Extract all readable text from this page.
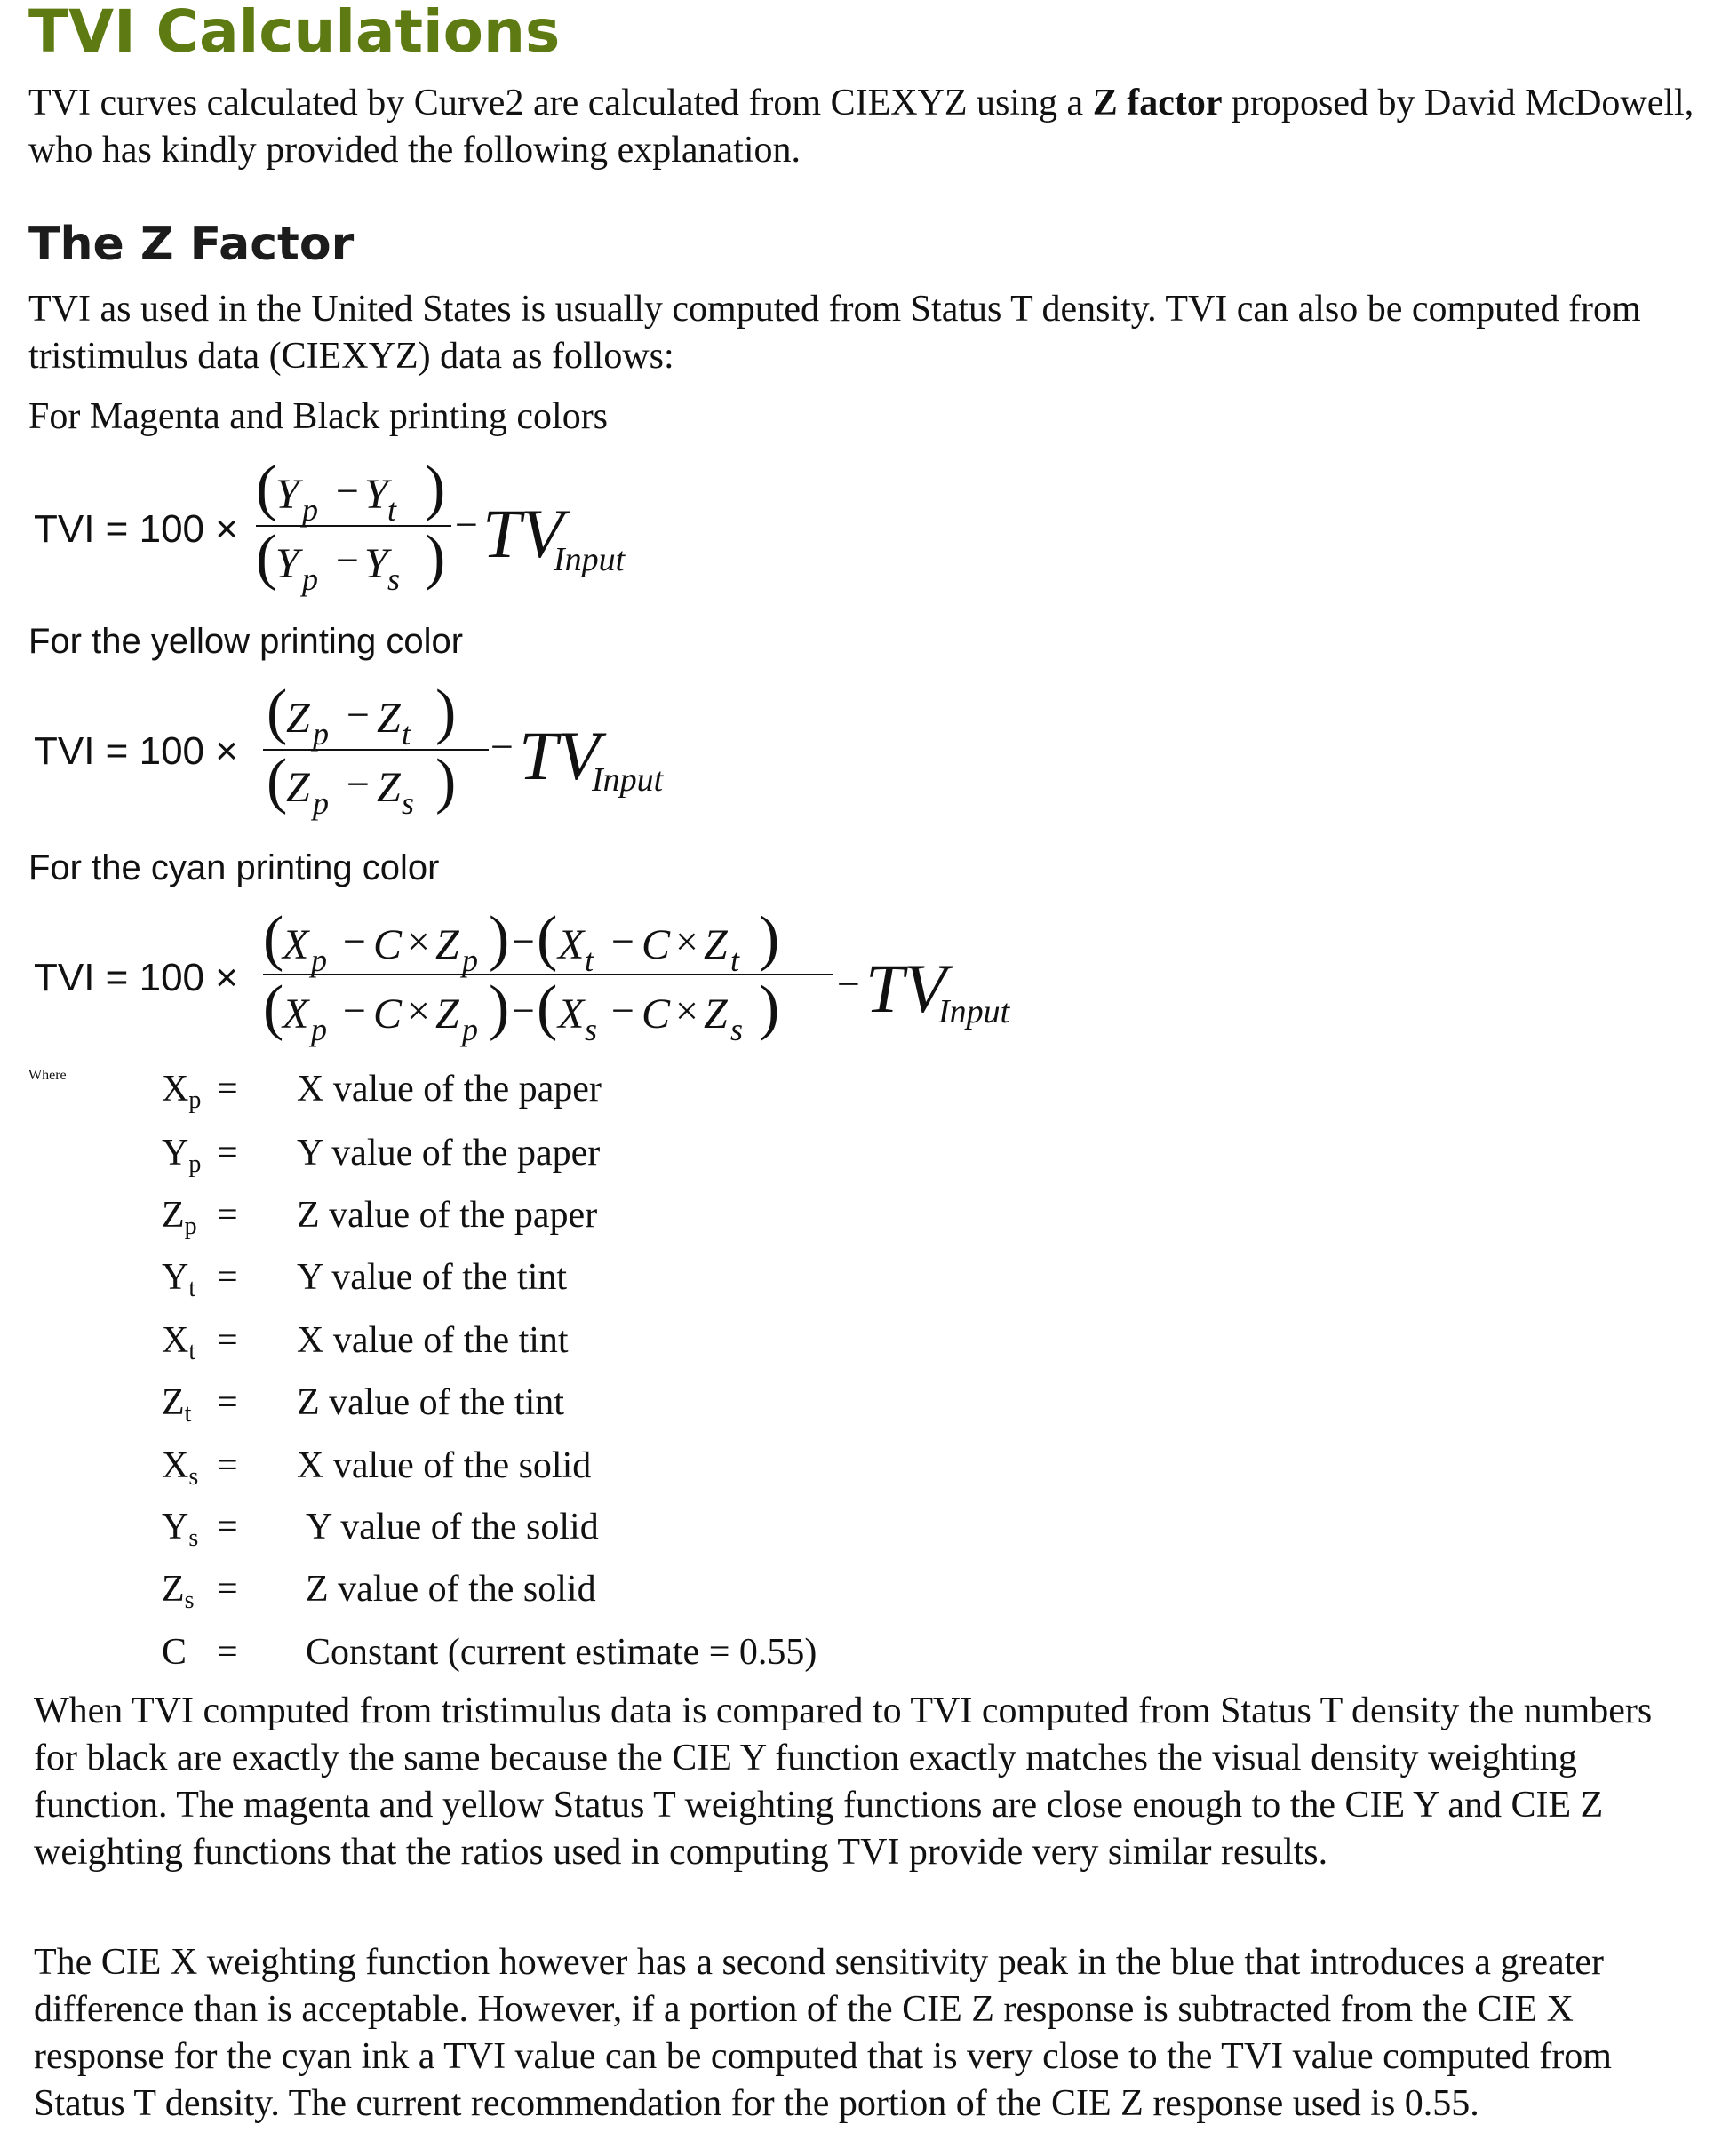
TVI Calculations

TVI curves calculated by Curve2 are calculated from CIEXYZ using a Z factor proposed by David McDowell, who has kindly provided the following explanation.

The Z Factor

TVI as used in the United States is usually computed from Status T density. TVI can also be computed from tristimulus data (CIEXYZ) data as follows:

For Magenta and Black printing colors
TVI = 100 ×
(
Y p − Y t )
(
Y p − Y s ) − TV
Input
For the yellow printing color
TVI = 100 ×
(
Z p − Z t )
(
Z p − Z s )
− TV
Input
For the cyan printing color
TVI = 100 ×
(
X p − C × Z p ) − ( X t − C × Z t )
(
X p − C × Z p ) − ( X s − C × Z s ) − TV
Input
Where	$X_p = X$ value of the paper
$Y_p = Y$ value of the paper
$Z_p = Z$ value of the paper
$Y_t = Y$ value of the tint
$X_t = X$ value of the tint
$Z_t = Z$ value of the tint
$X_s = X$ value of the solid
$Y_s = Y$ value of the solid
$Z_s = Z$ value of the solid
C = Constant (current estimate = 0.55)

When TVI computed from tristimulus data is compared to TVI computed from Status T density the numbers for black are exactly the same because the CIE Y function exactly matches the visual density weighting function. The magenta and yellow Status T weighting functions are close enough to the CIE Y and CIE Z weighting functions that the ratios used in computing TVI provide very similar results.

The CIE X weighting function however has a second sensitivity peak in the blue that introduces a greater difference than is acceptable. However, if a portion of the CIE Z response is subtracted from the CIE X response for the cyan ink a TVI value can be computed that is very close to the TVI value computed from Status T density. The current recommendation for the portion of the CIE Z response used is 0.55.
